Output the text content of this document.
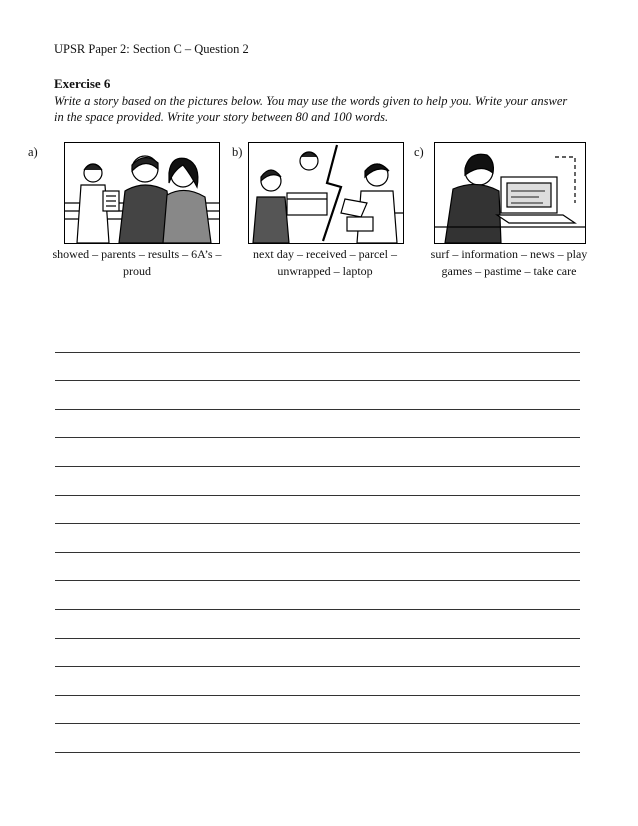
UPSR Paper 2: Section C – Question 2
Exercise 6
Write a story based on the pictures below. You may use the words given to help you. Write your answer in the space provided. Write your story between 80 and 100 words.
a)
showed – parents – results – 6A’s – proud
b)
next day – received – parcel – unwrapped – laptop
c)
surf – information – news – play games – pastime – take care
